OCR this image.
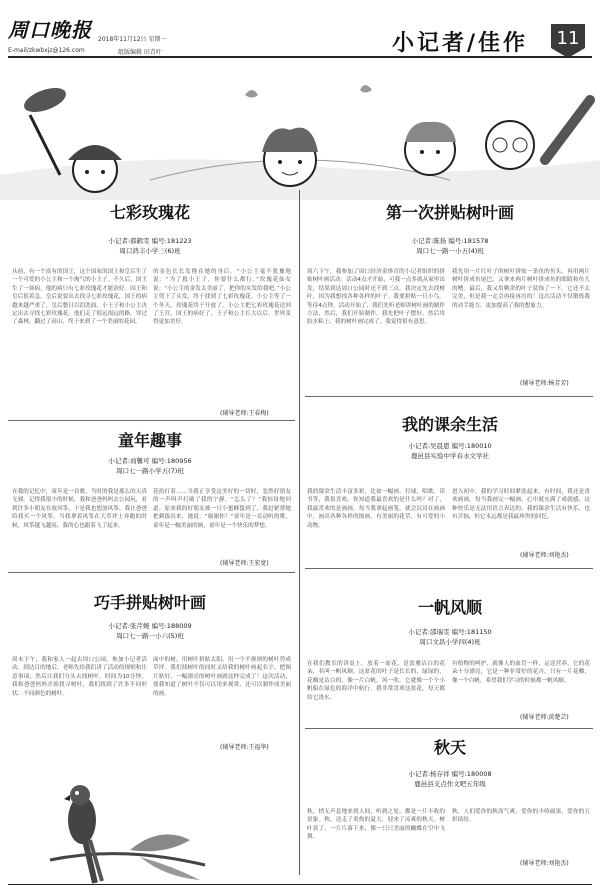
周口晚报
E-mail/zkwbxjz@126.com
2018年11月12日 星期一
组版编辑 田青叶	小记者/佳作	11
七彩玫瑰花
小记者:郝鹤雯 编号:181223
周口鸿丰小学三(6)班
从前，有一个富有的国王，这个国家的国王和皇后生了一个可爱的小公主和一个淘气的小王子。不久后，国王生了一场病，他的病只有七彩玫瑰花才能治好。国王和皇后很着急，皇后说要出去找寻七彩玫瑰花，国王的病越来越严重了，皇后整日以泪洗面。小王子和小公主决定出去寻找七彩玫瑰花。他们走了很远很远的路，穿过了森林，翻过了高山，终于来到了一个美丽的花园。
的金色长长发挽在她的身后。“小公主毫不犹豫地说：“为了救小王子，你要什么都行。”玫瑰花仙女说：“小公主的金发太美丽了，把你的头发给我吧。”小公主剪下了头发，终于找到了七彩玫瑰花。小公主等了一个冬天，玫瑰花终于开放了。小公主把七彩玫瑰花送回了王宫，国王的病好了，王子和公主长大以后，世界变得更加美好。
(辅导老师:王春梅)
第一次拼贴树叶画
小记者:陈扬 编号:181578
周口七一路一小五(4)班
周六下午，我参加了周口经济金体育的小记者组织的拼贴树叶画活动。活动4点才开始，可我一点多就从家里出发，结果到达周口公园时还不到三点。我决定先去找树叶，因为我想找各种各样的叶子。我要拼贴一只小鸟。等待4点钟，活动开始了，我们先听老师讲树叶画的制作方法，然后，我们开始制作。我先把叶子摆好，然后用胶水粘上，我的树叶画完成了，我觉得很有意思。
我先用一片红叶子的树叶拼贴一条鱼的鱼头，再用两片树叶拼成鱼尾巴，又拿来两片树叶拼成鱼的眼睛和鱼儿的鳍。最后，我又用剩余的叶子装饰了一下。它还不太完美，但是我一定会再接再厉的！这次活动不仅锻炼我的动手能力，更加提高了我的想象力。
(辅导老师:杨芳芳)
童年趣事
小记者:商馨可 编号:180956
周口七一路小学五(7)班
在我的记忆中，童年是一首歌，当时的我是那么的天真无邪。记得我很小的时候，我和爸爸妈妈去公园玩，看到许多小朋友在放风筝，于是我也想放风筝。我让爸爸给我买一个风筝，当我拿着风筝在大草坪上奔跑的时候，风筝越飞越高，我的心也跟着飞了起来。
花拍打着……当我正享受这美好的一切时，忽然好朋友的一声叫声打破了我的宁静。“怎么了？”我惊讶地问道。原来我的好朋友被一只小蜜蜂蛰到了，我赶紧帮她把刺拔出来，她说：“谢谢你！”童年是一首动听的歌，童年是一幅美丽的画，童年是一个快乐的梦想。
(辅导老师:王宏宽)
我的课余生活
小记者:吴晨恩 编号:180010
鹿邑县实验中学春水文学社
我的课余生活丰富多彩，比如一幅画、打球、唱歌、读书等，我很喜欢。你知道我最喜欢的是什么吗？对了，我最喜欢的是画画。每当我拿起画笔，就会沉浸在画画中，画出各种各样的图画，有美丽的花草，有可爱的小动物。
进入初中，我的学习时间紧张起来，有时间，我还是喜欢画画。每当我画完一幅画，心中就充满了成就感，这种快乐是无法用语言表达的。我的课余生活有快乐，也有苦恼，但它永远都是我最珍贵的回忆。
(辅导老师:刘艳杰)
巧手拼贴树叶画
小记者:张芹婉 编号:188009
周口七一路一小六(5)班
周末下午，我和家人一起去周口公园，参加小记者活动。到达目的地后，老师先给我们讲了活动的规则和注意事项，然后让我们分头去找树叶，时间为10分钟。我和爸爸妈妈开始找寻树叶，我们找到了许多不同形状、不同颜色的树叶。
面中的树，用树叶拼贴太阳，用一个不规则的树叶剪成草坪。我们找树叶的同时又给我的树叶画起名字。把图片贴好，一幅漂亮的树叶画就这样完成了！这次活动，使我知道了树叶不仅可以用来观赏，还可以制作成美丽的画。
(辅导老师:王福华)
一帆风顺
小记者:邵瑞雯 编号:181150
周口文昌小学四(4)班
在我们教室的讲桌上，放着一盆花，是淡雅洁白的花朵，名叫一帆风顺。这盆花的叶子是长长的，绿绿的，花瓣是洁白的，像一片白帆，风一吹，它就像一个个小帆船在绿色的海洋中航行。我非常喜欢这盆花，每天都给它浇水。
有植物的呵护，就像人的血管一样，运送营养，它的花朵十分漂亮，它是一种非常好的花卉，只有一片花瓣，像一个白帆，希望我们学习的时候都一帆风顺。
(辅导老师:黄楚芸)
秋天
小记者:杨存祥 编号:180008
鹿邑县支点作文吧五年级
秋，悄无声息地来到人间，听到之处，都是一片丰收的景象。秋，送走了炎热的夏天，迎来了凉爽的秋天。树叶黄了，一片片落下来，像一只只美丽的蝴蝶在空中飞舞。
秋，人们爱你的秋高气爽，爱你的丰收硕果，爱你的五彩缤纷。
(辅导老师:刘艳杰)
